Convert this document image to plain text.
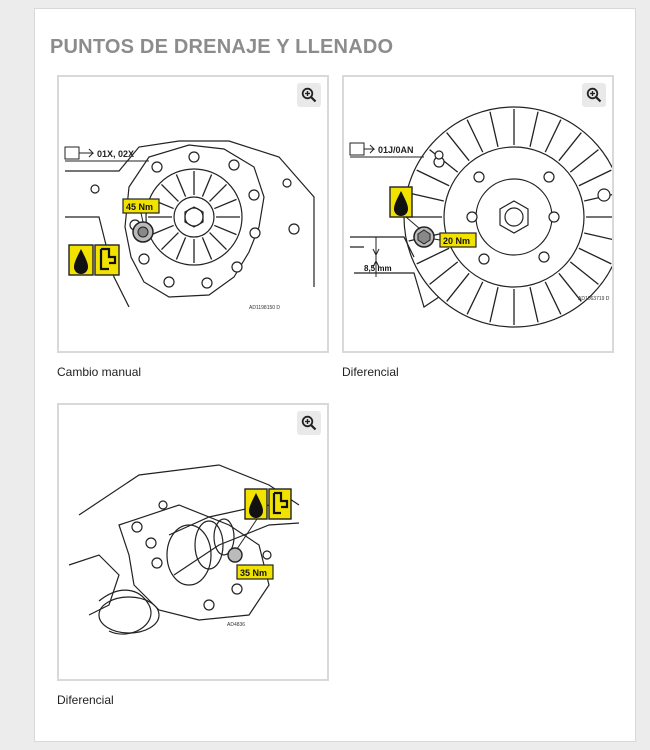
PUNTOS DE DRENAJE Y LLENADO
01X, 02X
45 Nm
AD1198150 D
Cambio manual
01J/0AN
20 Nm
8,5 mm
AD1063719 D
Diferencial
35 Nm
AD4836
Diferencial
